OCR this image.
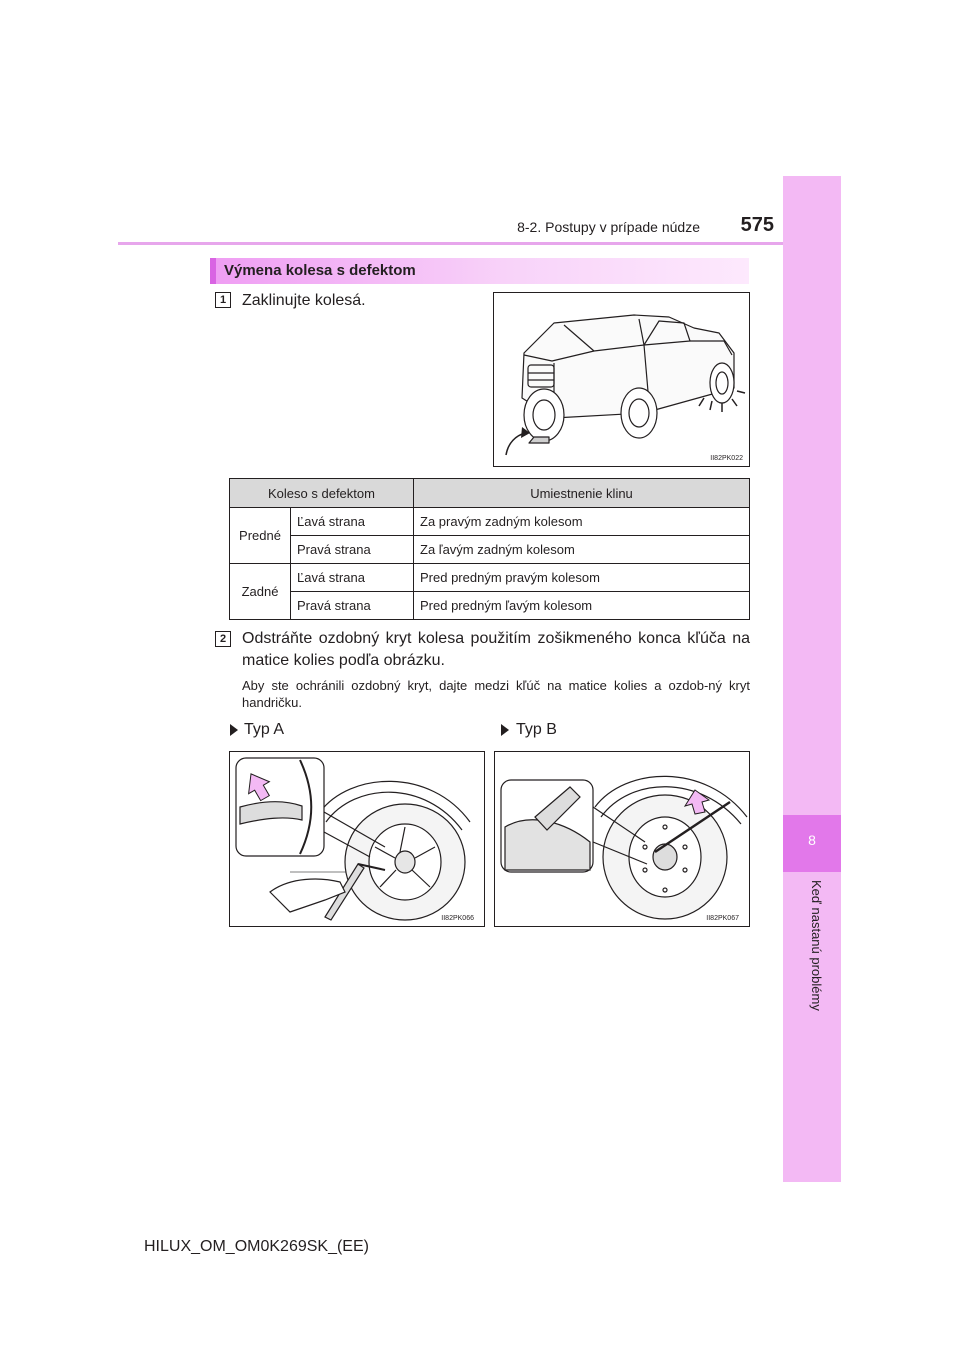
8-2. Postupy v prípade núdze	575
8
Keď nastanú problémy
Výmena kolesa s defektom
1 Zaklinujte kolesá.
II82PK022
Koleso s defektom		Umiestnenie klinu
Predné	Ľavá strana	Za pravým zadným kolesom
	Pravá strana	Za ľavým zadným kolesom
Zadné	Ľavá strana	Pred predným pravým kolesom
	Pravá strana	Pred predným ľavým kolesom
2 Odstráňte ozdobný kryt kolesa použitím zošikmeného konca kľúča na matice kolies podľa obrázku.
Aby ste ochránili ozdobný kryt, dajte medzi kľúč na matice kolies a ozdob-ný kryt handričku.
Typ A	Typ B
II82PK066	II82PK067
HILUX_OM_OM0K269SK_(EE)
